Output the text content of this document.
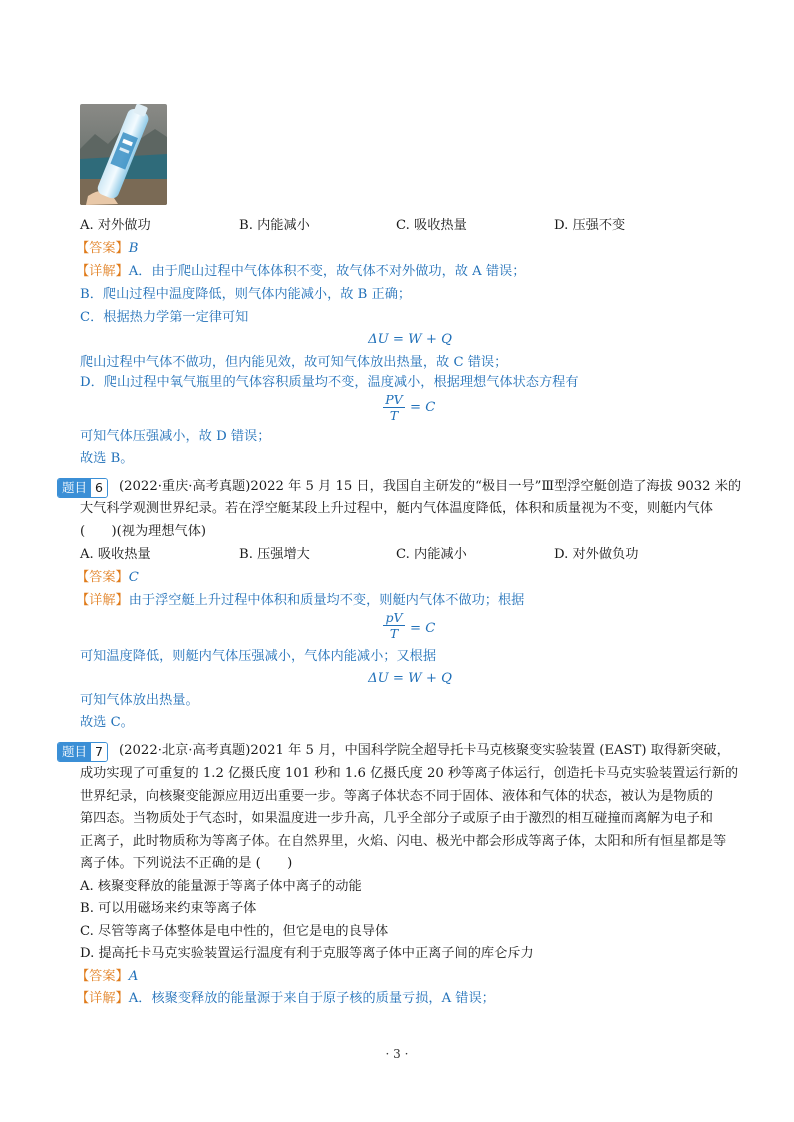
A. 对外做功	B. 内能减小	C. 吸收热量	D. 压强不变
【答案】B
【详解】A．由于爬山过程中气体体积不变，故气体不对外做功，故 A 错误；
B．爬山过程中温度降低，则气体内能减小，故 B 正确；
C．根据热力学第一定律可知
ΔU = W + Q
爬山过程中气体不做功，但内能见效，故可知气体放出热量，故 C 错误；
D．爬山过程中氧气瓶里的气体容积质量均不变，温度减小，根据理想气体状态方程有
PV
T
= C
可知气体压强减小，故 D 错误；
故选 B。
题目 6	(2022·重庆·高考真题)2022 年 5 月 15 日，我国自主研发的“极目一号”Ⅲ型浮空艇创造了海拔 9032 米的
大气科学观测世界纪录。若在浮空艇某段上升过程中，艇内气体温度降低，体积和质量视为不变，则艇内气体
(　　)(视为理想气体)
A. 吸收热量	B. 压强增大	C. 内能减小	D. 对外做负功
【答案】C
【详解】由于浮空艇上升过程中体积和质量均不变，则艇内气体不做功；根据
pV
T = C
可知温度降低，则艇内气体压强减小，气体内能减小；又根据
ΔU = W + Q
可知气体放出热量。
故选 C。
题目 7	(2022·北京·高考真题)2021 年 5 月，中国科学院全超导托卡马克核聚变实验装置 (EAST) 取得新突破，
成功实现了可重复的 1.2 亿摄氏度 101 秒和 1.6 亿摄氏度 20 秒等离子体运行，创造托卡马克实验装置运行新的
世界纪录，向核聚变能源应用迈出重要一步。等离子体状态不同于固体、液体和气体的状态，被认为是物质的
第四态。当物质处于气态时，如果温度进一步升高，几乎全部分子或原子由于激烈的相互碰撞而离解为电子和
正离子，此时物质称为等离子体。在自然界里，火焰、闪电、极光中都会形成等离子体，太阳和所有恒星都是等
离子体。下列说法不正确的是 (　　)
A. 核聚变释放的能量源于等离子体中离子的动能
B. 可以用磁场来约束等离子体
C. 尽管等离子体整体是电中性的，但它是电的良导体
D. 提高托卡马克实验装置运行温度有利于克服等离子体中正离子间的库仑斥力
【答案】A
【详解】A．核聚变释放的能量源于来自于原子核的质量亏损，A 错误；
· 3 ·
